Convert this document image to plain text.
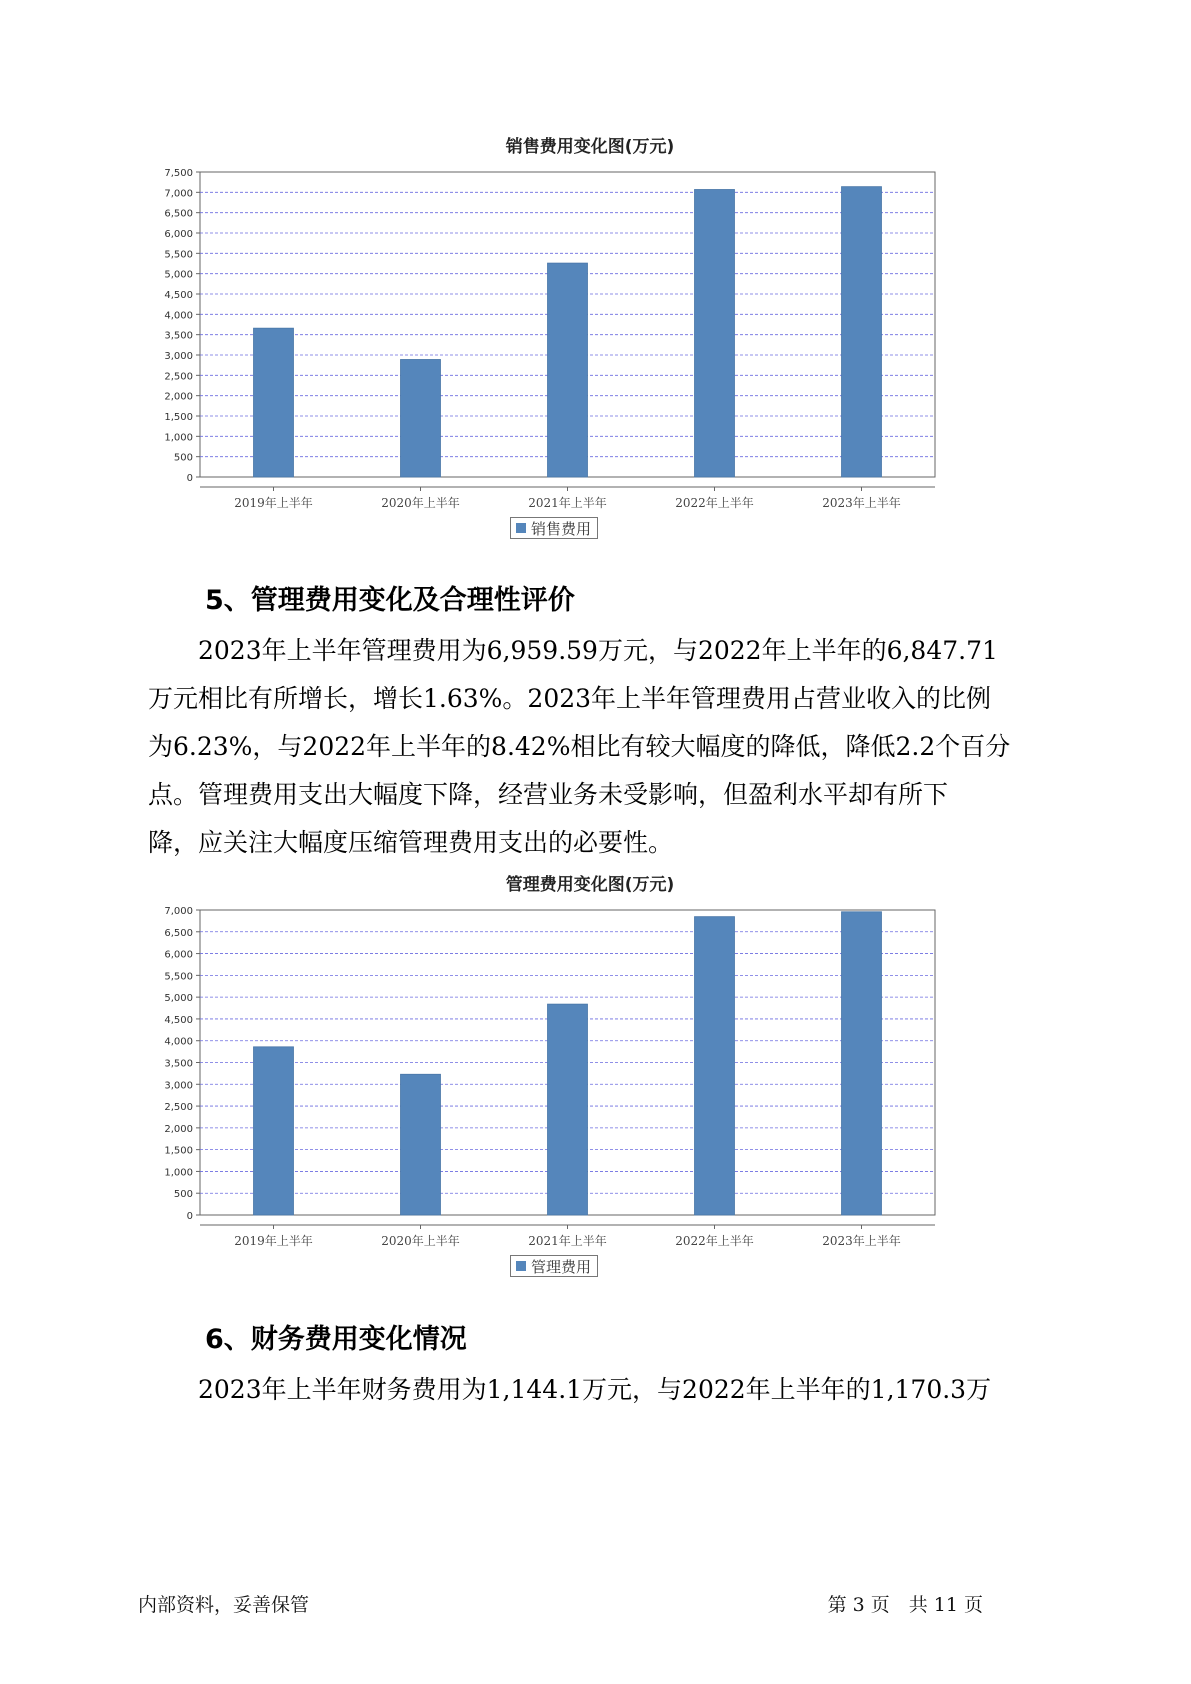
销售费用变化图(万元)
0
500
1,000
1,500
2,000
2,500
3,000
3,500
4,000
4,500
5,000
5,500
6,000
6,500
7,000
7,500
2019年上半年	2020年上半年	2021年上半年	2022年上半年	2023年上半年
销售费用
5、管理费用变化及合理性评价
2023年上半年管理费用为6,959.59万元，与2022年上半年的6,847.71
万元相比有所增长，增长1.63%。2023年上半年管理费用占营业收入的比例
为6.23%，与2022年上半年的8.42%相比有较大幅度的降低，降低2.2个百分
点。管理费用支出大幅度下降，经营业务未受影响，但盈利水平却有所下
降，应关注大幅度压缩管理费用支出的必要性。
管理费用变化图(万元)
0
500
1,000
1,500
2,000
2,500
3,000
3,500
4,000
4,500
5,000
5,500
6,000
6,500
7,000
2019年上半年	2020年上半年	2021年上半年	2022年上半年	2023年上半年
管理费用
6、财务费用变化情况
2023年上半年财务费用为1,144.1万元，与2022年上半年的1,170.3万
内部资料，妥善保管	第 3 页　共 11 页
